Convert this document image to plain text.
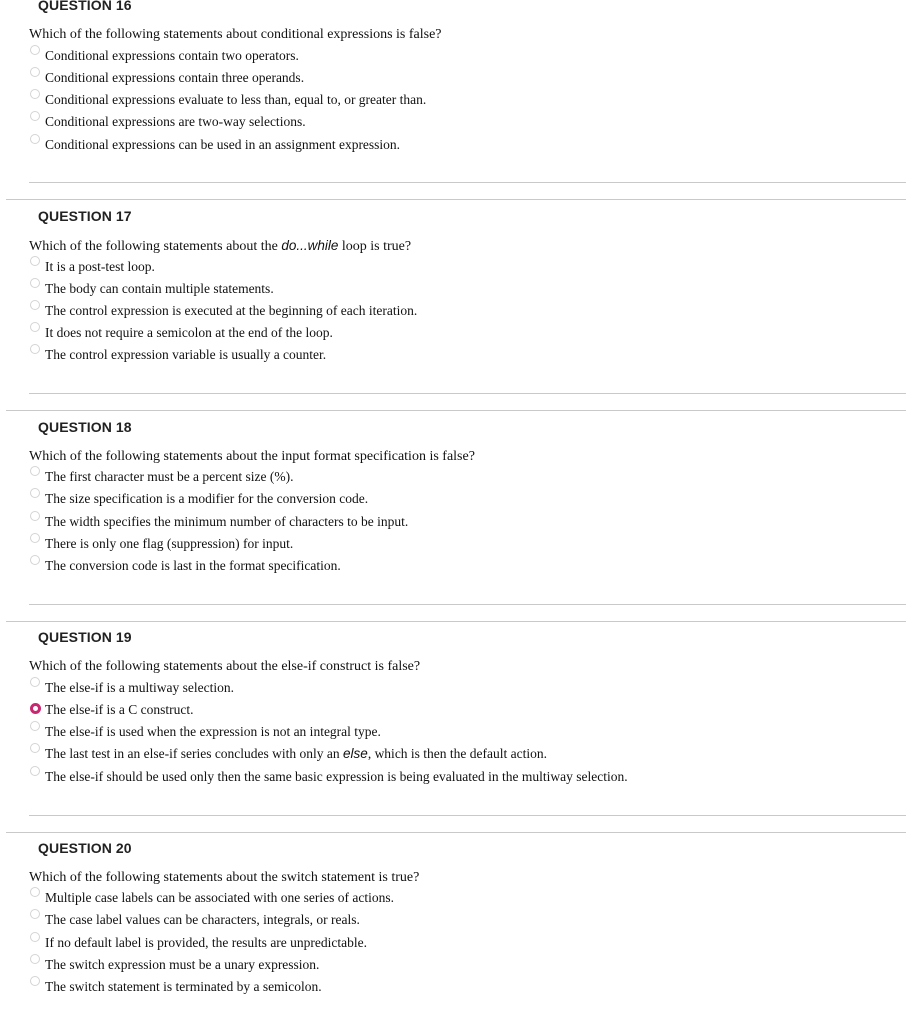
QUESTION 16
Which of the following statements about conditional expressions is false?
Conditional expressions contain two operators.
Conditional expressions contain three operands.
Conditional expressions evaluate to less than, equal to, or greater than.
Conditional expressions are two-way selections.
Conditional expressions can be used in an assignment expression.
QUESTION 17
Which of the following statements about the do...while loop is true?
It is a post-test loop.
The body can contain multiple statements.
The control expression is executed at the beginning of each iteration.
It does not require a semicolon at the end of the loop.
The control expression variable is usually a counter.
QUESTION 18
Which of the following statements about the input format specification is false?
The first character must be a percent size (%).
The size specification is a modifier for the conversion code.
The width specifies the minimum number of characters to be input.
There is only one flag (suppression) for input.
The conversion code is last in the format specification.
QUESTION 19
Which of the following statements about the else-if construct is false?
The else-if is a multiway selection.
The else-if is a C construct.
The else-if is used when the expression is not an integral type.
The last test in an else-if series concludes with only an else, which is then the default action.
The else-if should be used only then the same basic expression is being evaluated in the multiway selection.
QUESTION 20
Which of the following statements about the switch statement is true?
Multiple case labels can be associated with one series of actions.
The case label values can be characters, integrals, or reals.
If no default label is provided, the results are unpredictable.
The switch expression must be a unary expression.
The switch statement is terminated by a semicolon.
